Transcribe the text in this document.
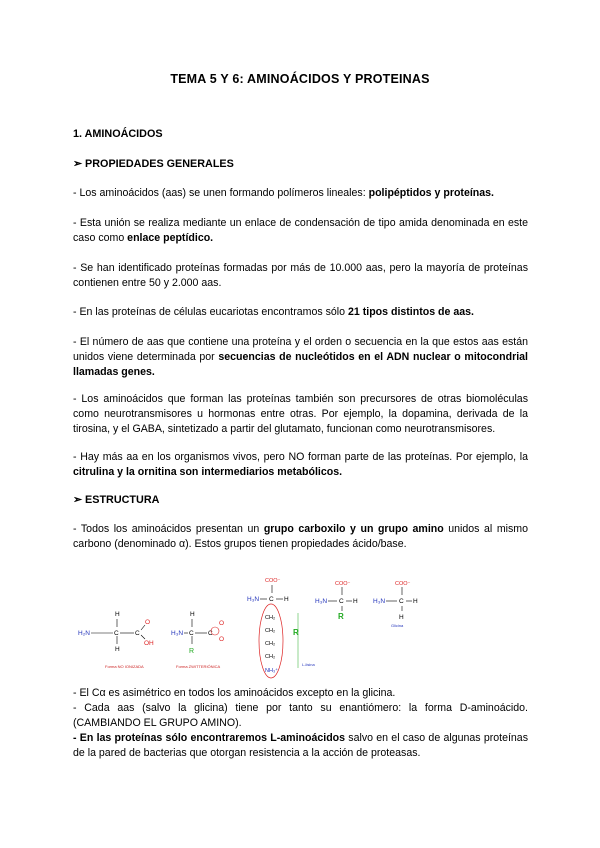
TEMA 5 Y 6: AMINOÁCIDOS Y PROTEINAS
1. AMINOÁCIDOS
➢ PROPIEDADES GENERALES
- Los aminoácidos (aas) se unen formando polímeros lineales: polipéptidos y proteínas.
- Esta unión se realiza mediante un enlace de condensación de tipo amida denominada en este caso como enlace peptídico.
- Se han identificado proteínas formadas por más de 10.000 aas, pero la mayoría de proteínas contienen entre 50 y 2.000 aas.
- En las proteínas de células eucariotas encontramos sólo 21 tipos distintos de aas.
- El número de aas que contiene una proteína y el orden o secuencia en la que estos aas están unidos viene determinada por secuencias de nucleótidos en el ADN nuclear o mitocondrial llamadas genes.
- Los aminoácidos que forman las proteínas también son precursores de otras biomoléculas como neurotransmisores u hormonas entre otras. Por ejemplo, la dopamina, derivada de la tirosina, y el GABA, sintetizado a partir del glutamato, funcionan como neurotransmisores.
- Hay más aa en los organismos vivos, pero NO forman parte de las proteínas. Por ejemplo, la citrulina y la ornitina son intermediarios metabólicos.
➢ ESTRUCTURA
- Todos los aminoácidos presentan un grupo carboxilo y un grupo amino unidos al mismo carbono (denominado α). Estos grupos tienen propiedades ácido/base.
H
H₂N	C	C
O
OH
H
Forma NO IONIZADA
H
H₃N C C
O
O
R
Forma ZWITTERIÓNICA
COO⁻
H₃N C H
CH₂
CH₂
CH₂
CH₂
NH₃⁺
R
L-lisina
COO⁻
H₃N C H
R
COO⁻
H₃N C H
H
Glicina
- El Cα es asimétrico en todos los aminoácidos excepto en la glicina.
- Cada aas (salvo la glicina) tiene por tanto su enantiómero: la forma D-aminoácido. (CAMBIANDO EL GRUPO AMINO).
- En las proteínas sólo encontraremos L-aminoácidos salvo en el caso de algunas proteínas de la pared de bacterias que otorgan resistencia a la acción de proteasas.
